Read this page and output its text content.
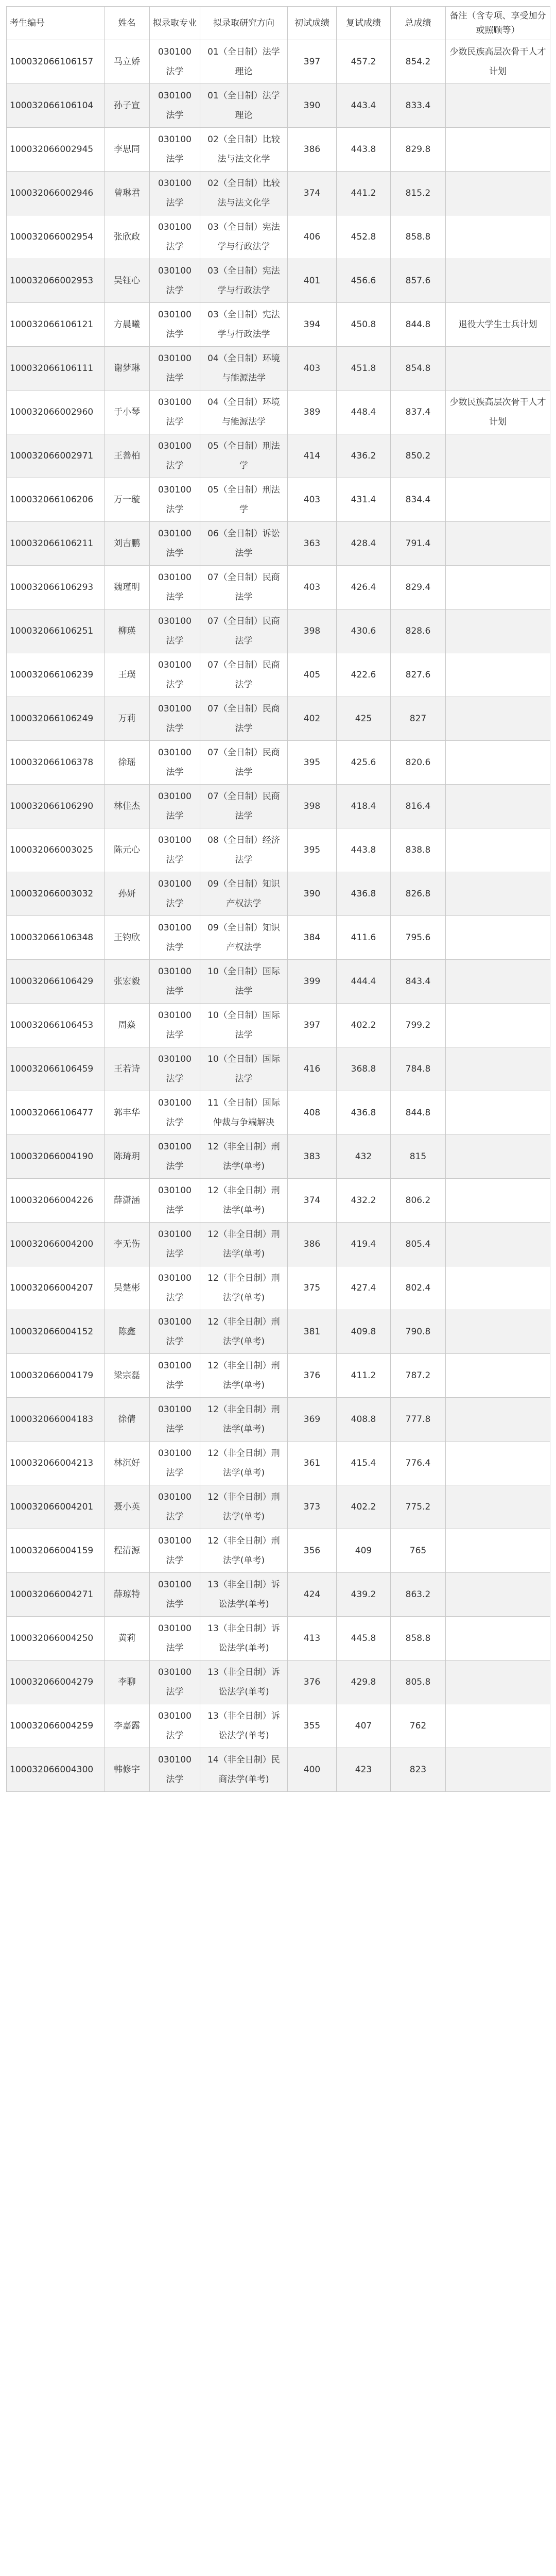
考生编号	姓名	拟录取专业	拟录取研究方向	初试成绩	复试成绩	总成绩	备注（含专项、享受加分或照顾等）
100032066106157	马立娇	030100 法学	01（全日制）法学理论	397	457.2	854.2	少数民族高层次骨干人才计划
100032066106104	孙子宣	030100 法学	01（全日制）法学理论	390	443.4	833.4	
100032066002945	李思同	030100 法学	02（全日制）比较法与法文化学	386	443.8	829.8	
100032066002946	曾琳君	030100 法学	02（全日制）比较法与法文化学	374	441.2	815.2	
100032066002954	张欣政	030100 法学	03（全日制）宪法学与行政法学	406	452.8	858.8	
100032066002953	吴钰心	030100 法学	03（全日制）宪法学与行政法学	401	456.6	857.6	
100032066106121	方晨曦	030100 法学	03（全日制）宪法学与行政法学	394	450.8	844.8	退役大学生士兵计划
100032066106111	谢梦琳	030100 法学	04（全日制）环境与能源法学	403	451.8	854.8	
100032066002960	于小琴	030100 法学	04（全日制）环境与能源法学	389	448.4	837.4	少数民族高层次骨干人才计划
100032066002971	王善柏	030100 法学	05（全日制）刑法学	414	436.2	850.2	
100032066106206	万一璇	030100 法学	05（全日制）刑法学	403	431.4	834.4	
100032066106211	刘吉鹏	030100 法学	06（全日制）诉讼法学	363	428.4	791.4	
100032066106293	魏瑾明	030100 法学	07（全日制）民商法学	403	426.4	829.4	
100032066106251	柳瑛	030100 法学	07（全日制）民商法学	398	430.6	828.6	
100032066106239	王璞	030100 法学	07（全日制）民商法学	405	422.6	827.6	
100032066106249	万莉	030100 法学	07（全日制）民商法学	402	425	827	
100032066106378	徐瑶	030100 法学	07（全日制）民商法学	395	425.6	820.6	
100032066106290	林佳杰	030100 法学	07（全日制）民商法学	398	418.4	816.4	
100032066003025	陈元心	030100 法学	08（全日制）经济法学	395	443.8	838.8	
100032066003032	孙妍	030100 法学	09（全日制）知识产权法学	390	436.8	826.8	
100032066106348	王钧欣	030100 法学	09（全日制）知识产权法学	384	411.6	795.6	
100032066106429	张宏毅	030100 法学	10（全日制）国际法学	399	444.4	843.4	
100032066106453	周焱	030100 法学	10（全日制）国际法学	397	402.2	799.2	
100032066106459	王若诗	030100 法学	10（全日制）国际法学	416	368.8	784.8	
100032066106477	郭丰华	030100 法学	11（全日制）国际仲裁与争端解决	408	436.8	844.8	
100032066004190	陈琦玥	030100 法学	12（非全日制）刑法学(单考)	383	432	815	
100032066004226	薛潇涵	030100 法学	12（非全日制）刑法学(单考)	374	432.2	806.2	
100032066004200	李无伤	030100 法学	12（非全日制）刑法学(单考)	386	419.4	805.4	
100032066004207	吴楚彬	030100 法学	12（非全日制）刑法学(单考)	375	427.4	802.4	
100032066004152	陈鑫	030100 法学	12（非全日制）刑法学(单考)	381	409.8	790.8	
100032066004179	梁宗磊	030100 法学	12（非全日制）刑法学(单考)	376	411.2	787.2	
100032066004183	徐倩	030100 法学	12（非全日制）刑法学(单考)	369	408.8	777.8	
100032066004213	林沉好	030100 法学	12（非全日制）刑法学(单考)	361	415.4	776.4	
100032066004201	聂小英	030100 法学	12（非全日制）刑法学(单考)	373	402.2	775.2	
100032066004159	程清源	030100 法学	12（非全日制）刑法学(单考)	356	409	765	
100032066004271	薛琼特	030100 法学	13（非全日制）诉讼法学(单考)	424	439.2	863.2	
100032066004250	黄莉	030100 法学	13（非全日制）诉讼法学(单考)	413	445.8	858.8	
100032066004279	李聊	030100 法学	13（非全日制）诉讼法学(单考)	376	429.8	805.8	
100032066004259	李嘉露	030100 法学	13（非全日制）诉讼法学(单考)	355	407	762	
100032066004300	韩修宇	030100 法学	14（非全日制）民商法学(单考)	400	423	823	
